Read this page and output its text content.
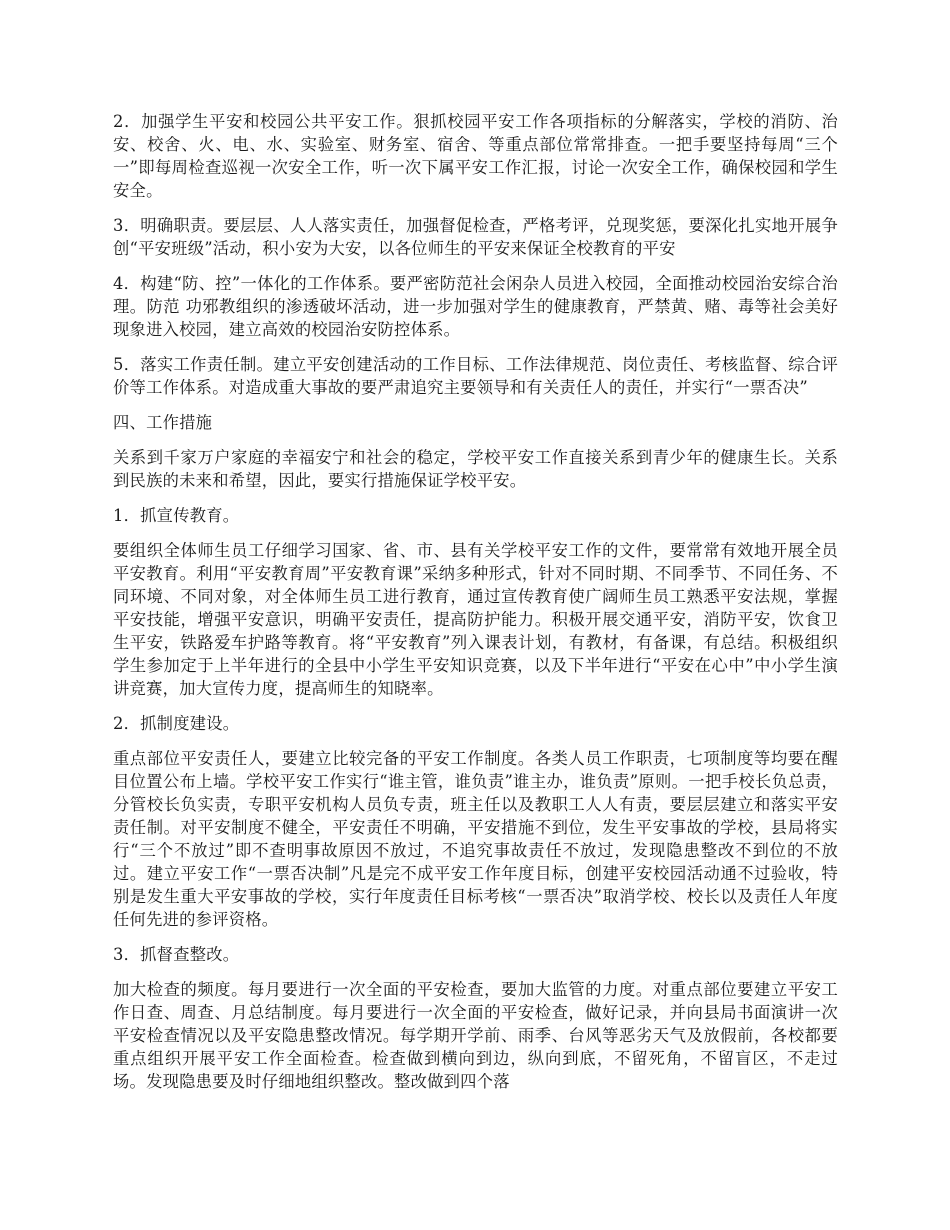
2．加强学生平安和校园公共平安工作。狠抓校园平安工作各项指标的分解落实，学校的消防、治安、校舍、火、电、水、实验室、财务室、宿舍、等重点部位常常排查。一把手要坚持每周“三个一”即每周检查巡视一次安全工作，听一次下属平安工作汇报，讨论一次安全工作，确保校园和学生安全。

3．明确职责。要层层、人人落实责任，加强督促检查，严格考评，兑现奖惩，要深化扎实地开展争创“平安班级”活动，积小安为大安，以各位师生的平安来保证全校教育的平安

4．构建“防、控”一体化的工作体系。要严密防范社会闲杂人员进入校园，全面推动校园治安综合治理。防范 功邪教组织的渗透破坏活动，进一步加强对学生的健康教育，严禁黄、赌、毒等社会美好现象进入校园，建立高效的校园治安防控体系。

5．落实工作责任制。建立平安创建活动的工作目标、工作法律规范、岗位责任、考核监督、综合评价等工作体系。对造成重大事故的要严肃追究主要领导和有关责任人的责任，并实行“一票否决”

四、工作措施

关系到千家万户家庭的幸福安宁和社会的稳定，学校平安工作直接关系到青少年的健康生长。关系到民族的未来和希望，因此，要实行措施保证学校平安。

1．抓宣传教育。

要组织全体师生员工仔细学习国家、省、市、县有关学校平安工作的文件，要常常有效地开展全员平安教育。利用“平安教育周”平安教育课”采纳多种形式，针对不同时期、不同季节、不同任务、不同环境、不同对象，对全体师生员工进行教育，通过宣传教育使广阔师生员工熟悉平安法规，掌握平安技能，增强平安意识，明确平安责任，提高防护能力。积极开展交通平安，消防平安，饮食卫生平安，铁路爱车护路等教育。将“平安教育”列入课表计划，有教材，有备课，有总结。积极组织学生参加定于上半年进行的全县中小学生平安知识竞赛，以及下半年进行“平安在心中”中小学生演讲竞赛，加大宣传力度，提高师生的知晓率。

2．抓制度建设。

重点部位平安责任人，要建立比较完备的平安工作制度。各类人员工作职责，七项制度等均要在醒目位置公布上墙。学校平安工作实行“谁主管，谁负责”谁主办，谁负责”原则。一把手校长负总责，分管校长负实责，专职平安机构人员负专责，班主任以及教职工人人有责，要层层建立和落实平安责任制。对平安制度不健全，平安责任不明确，平安措施不到位，发生平安事故的学校，县局将实行“三个不放过”即不查明事故原因不放过，不追究事故责任不放过，发现隐患整改不到位的不放过。建立平安工作“一票否决制”凡是完不成平安工作年度目标，创建平安校园活动通不过验收，特别是发生重大平安事故的学校，实行年度责任目标考核“一票否决”取消学校、校长以及责任人年度任何先进的参评资格。

3．抓督查整改。

加大检查的频度。每月要进行一次全面的平安检查，要加大监管的力度。对重点部位要建立平安工作日查、周查、月总结制度。每月要进行一次全面的平安检查，做好记录，并向县局书面演讲一次平安检查情况以及平安隐患整改情况。每学期开学前、雨季、台风等恶劣天气及放假前，各校都要重点组织开展平安工作全面检查。检查做到横向到边，纵向到底，不留死角，不留盲区，不走过场。发现隐患要及时仔细地组织整改。整改做到四个落
